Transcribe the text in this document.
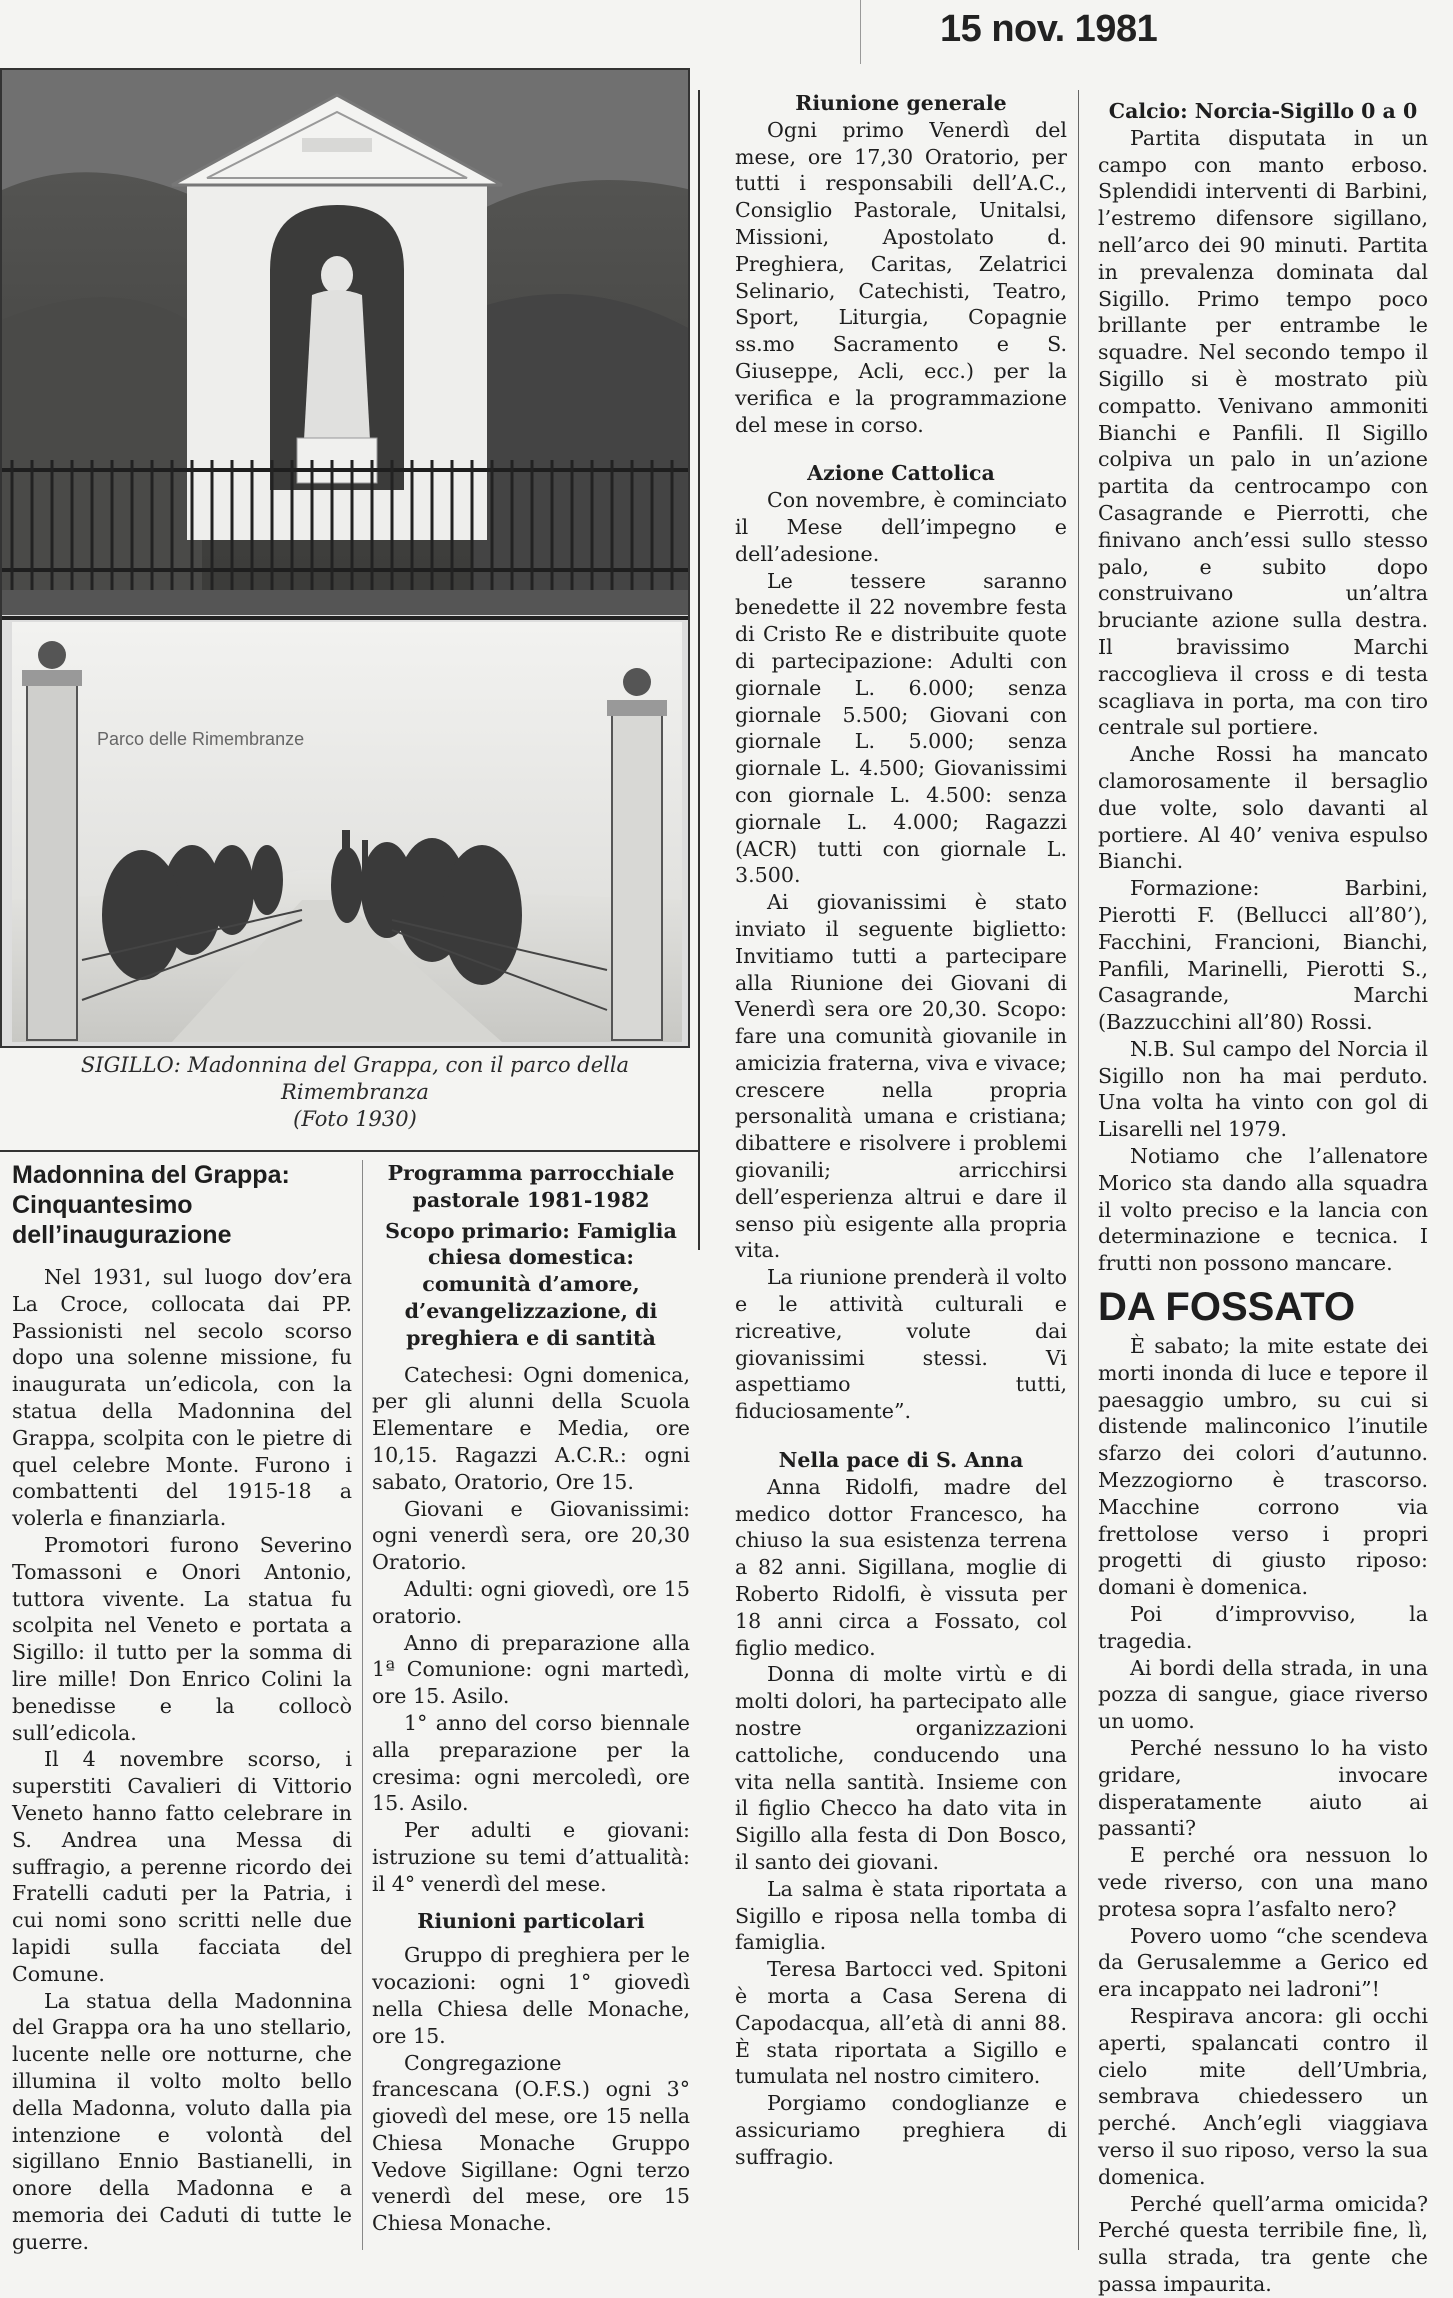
15 nov. 1981
Parco delle Rimembranze
SIGILLO: Madonnina del Grappa, con il parco della Rimembranza
(Foto 1930)

Riunione generale

Ogni primo Venerdì del mese, ore 17,30 Oratorio, per tutti i responsabili dell’A.C., Consiglio Pastorale, Unitalsi, Missioni, Apostolato d. Preghiera, Caritas, Zelatrici Selinario, Catechisti, Teatro, Sport, Liturgia, Copagnie ss.mo Sacramento e S. Giuseppe, Acli, ecc.) per la verifica e la programmazione del mese in corso.

Azione Cattolica

Con novembre, è cominciato il Mese dell’impegno e dell’adesione.

Le tessere saranno benedette il 22 novembre festa di Cristo Re e distribuite quote di partecipazione: Adulti con giornale L. 6.000; senza giornale 5.500; Giovani con giornale L. 5.000; senza giornale L. 4.500; Giovanissimi con giornale L. 4.500: senza giornale L. 4.000; Ragazzi (ACR) tutti con giornale L. 3.500.

Ai giovanissimi è stato inviato il seguente biglietto: Invitiamo tutti a partecipare alla Riunione dei Giovani di Venerdì sera ore 20,30. Scopo: fare una comunità giovanile in amicizia fraterna, viva e vivace; crescere nella propria personalità umana e cristiana; dibattere e risolvere i problemi giovanili; arricchirsi dell’esperienza altrui e dare il senso più esigente alla propria vita.

La riunione prenderà il volto e le attività culturali e ricreative, volute dai giovanissimi stessi. Vi aspettiamo tutti, fiduciosamente”.

Nella pace di S. Anna

Anna Ridolfi, madre del medico dottor Francesco, ha chiuso la sua esistenza terrena a 82 anni. Sigillana, moglie di Roberto Ridolfi, è vissuta per 18 anni circa a Fossato, col figlio medico.

Donna di molte virtù e di molti dolori, ha partecipato alle nostre organizzazioni cattoliche, conducendo una vita nella santità. Insieme con il figlio Checco ha dato vita in Sigillo alla festa di Don Bosco, il santo dei giovani.

La salma è stata riportata a Sigillo e riposa nella tomba di famiglia.

Teresa Bartocci ved. Spitoni è morta a Casa Serena di Capodacqua, all’età di anni 88. È stata riportata a Sigillo e tumulata nel nostro cimitero.

Porgiamo condoglianze e assicuriamo preghiera di suffragio.

Calcio: Norcia-Sigillo 0 a 0

Partita disputata in un campo con manto erboso. Splendidi interventi di Barbini, l’estremo difensore sigillano, nell’arco dei 90 minuti. Partita in prevalenza dominata dal Sigillo. Primo tempo poco brillante per entrambe le squadre. Nel secondo tempo il Sigillo si è mostrato più compatto. Venivano ammoniti Bianchi e Panfili. Il Sigillo colpiva un palo in un’azione partita da centrocampo con Casagrande e Pierrotti, che finivano anch’essi sullo stesso palo, e subito dopo construivano un’altra bruciante azione sulla destra. Il bravissimo Marchi raccoglieva il cross e di testa scagliava in porta, ma con tiro centrale sul portiere.

Anche Rossi ha mancato clamorosamente il bersaglio due volte, solo davanti al portiere. Al 40’ veniva espulso Bianchi.

Formazione: Barbini, Pierotti F. (Bellucci all’80’), Facchini, Francioni, Bianchi, Panfili, Marinelli, Pierotti S., Casagrande, Marchi (Bazzucchini all’80) Rossi.

N.B. Sul campo del Norcia il Sigillo non ha mai perduto. Una volta ha vinto con gol di Lisarelli nel 1979.

Notiamo che l’allenatore Morico sta dando alla squadra il volto preciso e la lancia con determinazione e tecnica. I frutti non possono mancare.

DA FOSSATO

È sabato; la mite estate dei morti inonda di luce e tepore il paesaggio umbro, su cui si distende malinconico l’inutile sfarzo dei colori d’autunno. Mezzogiorno è trascorso. Macchine corrono via frettolose verso i propri progetti di giusto riposo: domani è domenica.

Poi d’improvviso, la tragedia.

Ai bordi della strada, in una pozza di sangue, giace riverso un uomo.

Perché nessuno lo ha visto gridare, invocare disperatamente aiuto ai passanti?

E perché ora nessuon lo vede riverso, con una mano protesa sopra l’asfalto nero?

Povero uomo “che scendeva da Gerusalemme a Gerico ed era incappato nei ladroni”!

Respirava ancora: gli occhi aperti, spalancati contro il cielo mite dell’Umbria, sembrava chiedessero un perché. Anch’egli viaggiava verso il suo riposo, verso la sua domenica.

Perché quell’arma omicida? Perché questa terribile fine, lì, sulla strada, tra gente che passa impaurita.

Madonnina del Grappa: Cinquantesimo dell’inaugurazione

Nel 1931, sul luogo dov’era La Croce, collocata dai PP. Passionisti nel secolo scorso dopo una solenne missione, fu inaugurata un’edicola, con la statua della Madonnina del Grappa, scolpita con le pietre di quel celebre Monte. Furono i combattenti del 1915-18 a volerla e finanziarla.

Promotori furono Severino Tomassoni e Onori Antonio, tuttora vivente. La statua fu scolpita nel Veneto e portata a Sigillo: il tutto per la somma di lire mille! Don Enrico Colini la benedisse e la collocò sull’edicola.

Il 4 novembre scorso, i superstiti Cavalieri di Vittorio Veneto hanno fatto celebrare in S. Andrea una Messa di suffragio, a perenne ricordo dei Fratelli caduti per la Patria, i cui nomi sono scritti nelle due lapidi sulla facciata del Comune.

La statua della Madonnina del Grappa ora ha uno stellario, lucente nelle ore notturne, che illumina il volto molto bello della Madonna, voluto dalla pia intenzione e volontà del sigillano Ennio Bastianelli, in onore della Madonna e a memoria dei Caduti di tutte le guerre.

Programma parrocchiale pastorale 1981-1982

Scopo primario: Famiglia chiesa domestica: comunità d’amore, d’evangelizzazione, di preghiera e di santità

Catechesi: Ogni domenica, per gli alunni della Scuola Elementare e Media, ore 10,15. Ragazzi A.C.R.: ogni sabato, Oratorio, Ore 15.

Giovani e Giovanissimi: ogni venerdì sera, ore 20,30 Oratorio.

Adulti: ogni giovedì, ore 15 oratorio.

Anno di preparazione alla 1ª Comunione: ogni martedì, ore 15. Asilo.

1° anno del corso biennale alla preparazione per la cresima: ogni mercoledì, ore 15. Asilo.

Per adulti e giovani: istruzione su temi d’attualità: il 4° venerdì del mese.

Riunioni particolari

Gruppo di preghiera per le vocazioni: ogni 1° giovedì nella Chiesa delle Monache, ore 15.

Congregazione francescana (O.F.S.) ogni 3° giovedì del mese, ore 15 nella Chiesa Monache Gruppo Vedove Sigillane: Ogni terzo venerdì del mese, ore 15 Chiesa Monache.
